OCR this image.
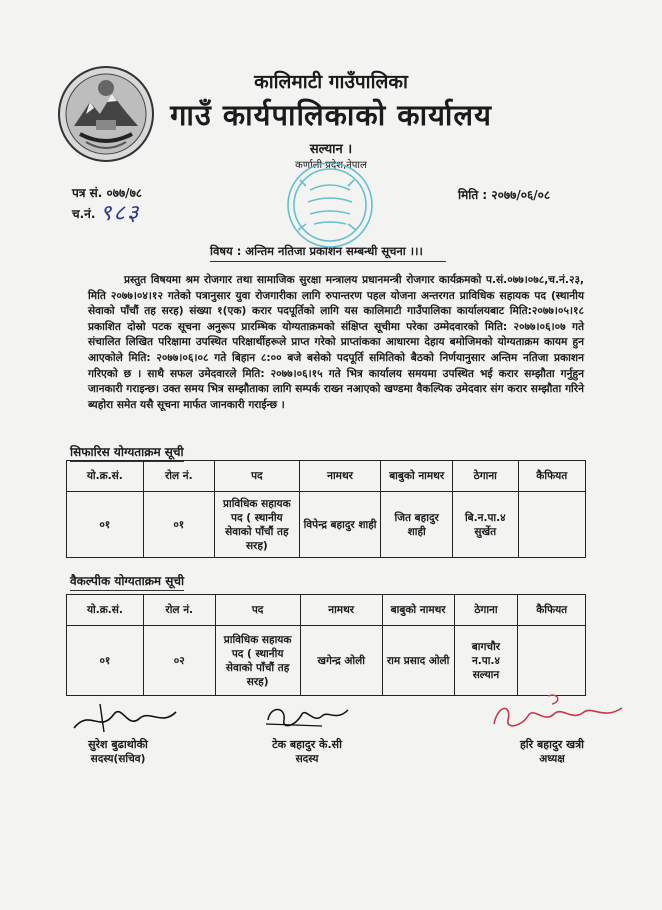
कालिमाटी गाउँपालिका
गाउँ कार्यपालिकाको कार्यालय
सल्यान ।
कर्णाली प्रदेश,नेपाल
पत्र सं. ०७७/७८
च.नं. ९८३
मिति : २०७७/०६/०८
विषय : अन्तिम नतिजा प्रकाशन सम्बन्धी सूचना ।।।
प्रस्तुत विषयमा श्रम रोजगार तथा सामाजिक सुरक्षा मन्त्रालय प्रधानमन्त्री रोजगार कार्यक्रमको प.सं.०७७।०७८,च.नं.२३, मिति २०७७।०४।१२ गतेको पत्रानुसार युवा रोजगारीका लागि रुपान्तरण पहल योजना अन्तरगत प्राविधिक सहायक पद (स्थानीय सेवाको पाँचौं तह सरह) संख्या १(एक) करार पदपूर्तिको लागि यस कालिमाटी गाउँपालिका कार्यालयबाट मिति:२०७७।०५।१८ प्रकाशित दोस्रो पटक सूचना अनुरूप प्रारम्भिक योग्यताक्रमको संक्षिप्त सूचीमा परेका उम्मेदवारको मिति: २०७७।०६।०७ गते संचालित लिखित परिक्षामा उपस्थित परिक्षार्थीहरूले प्राप्त गरेको प्राप्तांकका आधारमा देहाय बमोजिमको योग्यताक्रम कायम हुन आएकोले मिति: २०७७।०६।०८ गते बिहान ८:०० बजे बसेको पदपूर्ति समितिको बैठको निर्णयानुसार अन्तिम नतिजा प्रकाशन गरिएको छ । साथै सफल उमेदवारले मिति: २०७७।०६।१५ गते भित्र कार्यालय समयमा उपस्थित भई करार सम्झौता गर्नुहुन जानकारी गराइन्छ। उक्त समय भित्र सम्झौताका लागि सम्पर्क राख्न नआएको खण्डमा वैकल्पिक उमेदवार संग करार सम्झौता गरिने ब्यहोरा समेत यसै सूचना मार्फत जानकारी गराईन्छ ।
सिफारिस योग्यताक्रम सूची
यो.क्र.सं.	रोल नं.	पद	नामथर	बाबुको नामथर	ठेगाना	कैफियत
०१	०१	प्राविधिक सहायक पद ( स्थानीय सेवाको पाँचौं तह सरह)	विपेन्द्र बहादुर शाही	जित बहादुर शाही	बि.न.पा.४ सुर्खेत	
वैकल्पीक योग्यताक्रम सूची
यो.क्र.सं.	रोल नं.	पद	नामथर	बाबुको नामथर	ठेगाना	कैफियत
०१	०२	प्राविधिक सहायक पद ( स्थानीय सेवाको पाँचौं तह सरह)	खगेन्द्र ओली	राम प्रसाद ओली	बागचौर न.पा.४ सल्यान	
सुरेश बुढाथोकी
सदस्य(सचिव)
टेक बहादुर के.सी
सदस्य
हरि बहादुर खत्री
अध्यक्ष
